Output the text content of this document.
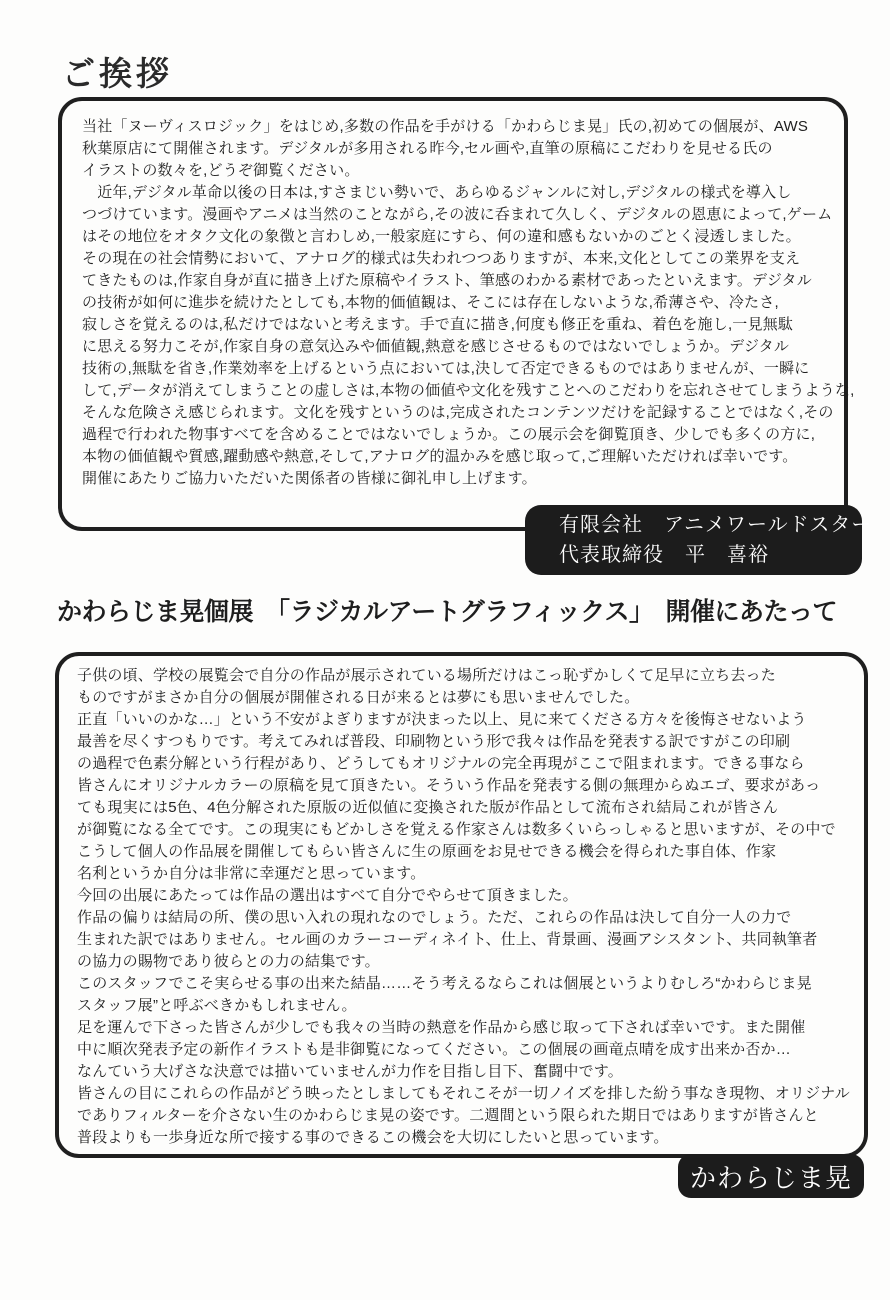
ご挨拶
当社「ヌーヴィスロジック」をはじめ,多数の作品を手がける「かわらじま晃」氏の,初めての個展が、AWS
秋葉原店にて開催されます。デジタルが多用される昨今,セル画や,直筆の原稿にこだわりを見せる氏の
イラストの数々を,どうぞ御覧ください。
　近年,デジタル革命以後の日本は,すさまじい勢いで、あらゆるジャンルに対し,デジタルの様式を導入し
つづけています。漫画やアニメは当然のことながら,その波に呑まれて久しく、デジタルの恩恵によって,ゲーム
はその地位をオタク文化の象徴と言わしめ,一般家庭にすら、何の違和感もないかのごとく浸透しました。
その現在の社会情勢において、アナログ的様式は失われつつありますが、本来,文化としてこの業界を支え
てきたものは,作家自身が直に描き上げた原稿やイラスト、筆感のわかる素材であったといえます。デジタル
の技術が如何に進歩を続けたとしても,本物的価値観は、そこには存在しないような,希薄さや、冷たさ,
寂しさを覚えるのは,私だけではないと考えます。手で直に描き,何度も修正を重ね、着色を施し,一見無駄
に思える努力こそが,作家自身の意気込みや価値観,熱意を感じさせるものではないでしょうか。デジタル
技術の,無駄を省き,作業効率を上げるという点においては,決して否定できるものではありませんが、一瞬に
して,データが消えてしまうことの虚しさは,本物の価値や文化を残すことへのこだわりを忘れさせてしまうような,
そんな危険さえ感じられます。文化を残すというのは,完成されたコンテンツだけを記録することではなく,その
過程で行われた物事すべてを含めることではないでしょうか。この展示会を御覧頂き、少しでも多くの方に,
本物の価値観や質感,躍動感や熱意,そして,アナログ的温かみを感じ取って,ご理解いただければ幸いです。
開催にあたりご協力いただいた関係者の皆様に御礼申し上げます。
有限会社　アニメワールドスター
代表取締役　平　喜裕
かわらじま晃個展　「ラジカルアートグラフィックス」　開催にあたって
子供の頃、学校の展覧会で自分の作品が展示されている場所だけはこっ恥ずかしくて足早に立ち去った
ものですがまさか自分の個展が開催される日が来るとは夢にも思いませんでした。
正直「いいのかな…」という不安がよぎりますが決まった以上、見に来てくださる方々を後悔させないよう
最善を尽くすつもりです。考えてみれば普段、印刷物という形で我々は作品を発表する訳ですがこの印刷
の過程で色素分解という行程があり、どうしてもオリジナルの完全再現がここで阻まれます。できる事なら
皆さんにオリジナルカラーの原稿を見て頂きたい。そういう作品を発表する側の無理からぬエゴ、要求があっ
ても現実には5色、4色分解された原版の近似値に変換された版が作品として流布され結局これが皆さん
が御覧になる全てです。この現実にもどかしさを覚える作家さんは数多くいらっしゃると思いますが、その中で
こうして個人の作品展を開催してもらい皆さんに生の原画をお見せできる機会を得られた事自体、作家
名利というか自分は非常に幸運だと思っています。
今回の出展にあたっては作品の選出はすべて自分でやらせて頂きました。
作品の偏りは結局の所、僕の思い入れの現れなのでしょう。ただ、これらの作品は決して自分一人の力で
生まれた訳ではありません。セル画のカラーコーディネイト、仕上、背景画、漫画アシスタント、共同執筆者
の協力の賜物であり彼らとの力の結集です。
このスタッフでこそ実らせる事の出来た結晶……そう考えるならこれは個展というよりむしろ“かわらじま晃
スタッフ展”と呼ぶべきかもしれません。
足を運んで下さった皆さんが少しでも我々の当時の熱意を作品から感じ取って下されば幸いです。また開催
中に順次発表予定の新作イラストも是非御覧になってください。この個展の画竜点晴を成す出来か否か…
なんていう大げさな決意では描いていませんが力作を目指し目下、奮闘中です。
皆さんの目にこれらの作品がどう映ったとしましてもそれこそが一切ノイズを排した紛う事なき現物、オリジナル
でありフィルターを介さない生のかわらじま晃の姿です。二週間という限られた期日ではありますが皆さんと
普段よりも一歩身近な所で接する事のできるこの機会を大切にしたいと思っています。
かわらじま晃
